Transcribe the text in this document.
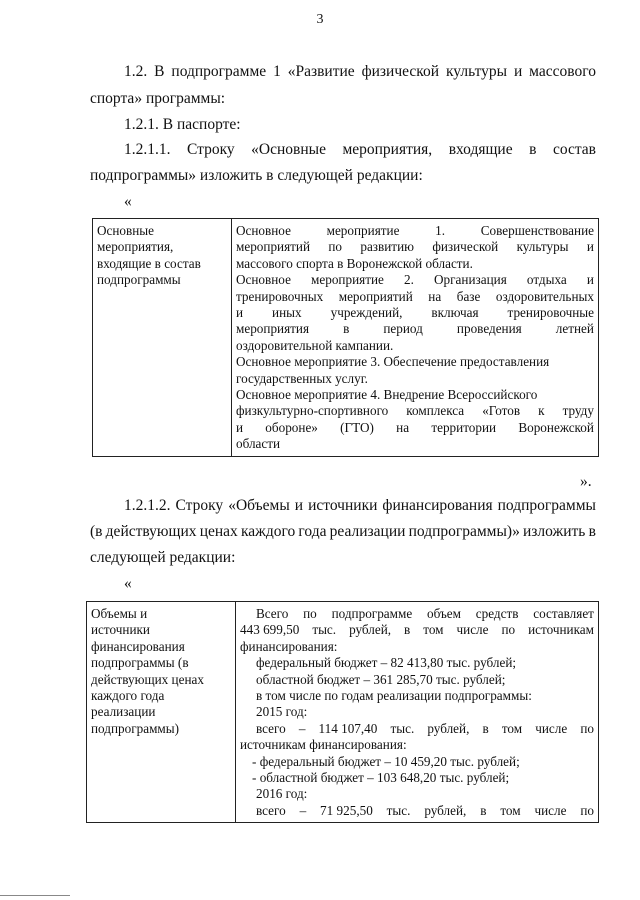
3
1.2. В подпрограмме 1 «Развитие физической культуры и массового
спорта» программы:
1.2.1. В паспорте:
1.2.1.1. Строку «Основные мероприятия, входящие в состав
подпрограммы» изложить в следующей редакции:
«
Основные
мероприятия,
входящие в состав
подпрограммы

Основное	мероприятие	1.	Совершенствование
мероприятий по развитию физической культуры и
массового спорта в Воронежской области.
Основное мероприятие 2. Организация отдыха и
тренировочных мероприятий на базе оздоровительных
и иных учреждений, включая тренировочные
мероприятия	в	период	проведения	летней
оздоровительной кампании.
Основное мероприятие 3. Обеспечение предоставления
государственных услуг.
Основное мероприятие 4. Внедрение Всероссийского
физкультурно-спортивного комплекса «Готов к труду
и обороне» (ГТО) на территории Воронежской
области
».
1.2.1.2. Строку «Объемы и источники финансирования подпрограммы
(в действующих ценах каждого года реализации подпрограммы)» изложить в
следующей редакции:
«
Объемы и
источники
финансирования
подпрограммы (в
действующих ценах
каждого года
реализации
подпрограммы)

Всего по подпрограмме объем средств составляет
443 699,50 тыс. рублей, в том числе по источникам
финансирования:
федеральный бюджет – 82 413,80 тыс. рублей;
областной бюджет – 361 285,70 тыс. рублей;
в том числе по годам реализации подпрограммы:
2015 год:
всего – 114 107,40 тыс. рублей, в том числе по
источникам финансирования:
- федеральный бюджет – 10 459,20 тыс. рублей;
- областной бюджет – 103 648,20 тыс. рублей;
2016 год:
всего – 71 925,50 тыс. рублей, в том числе по
